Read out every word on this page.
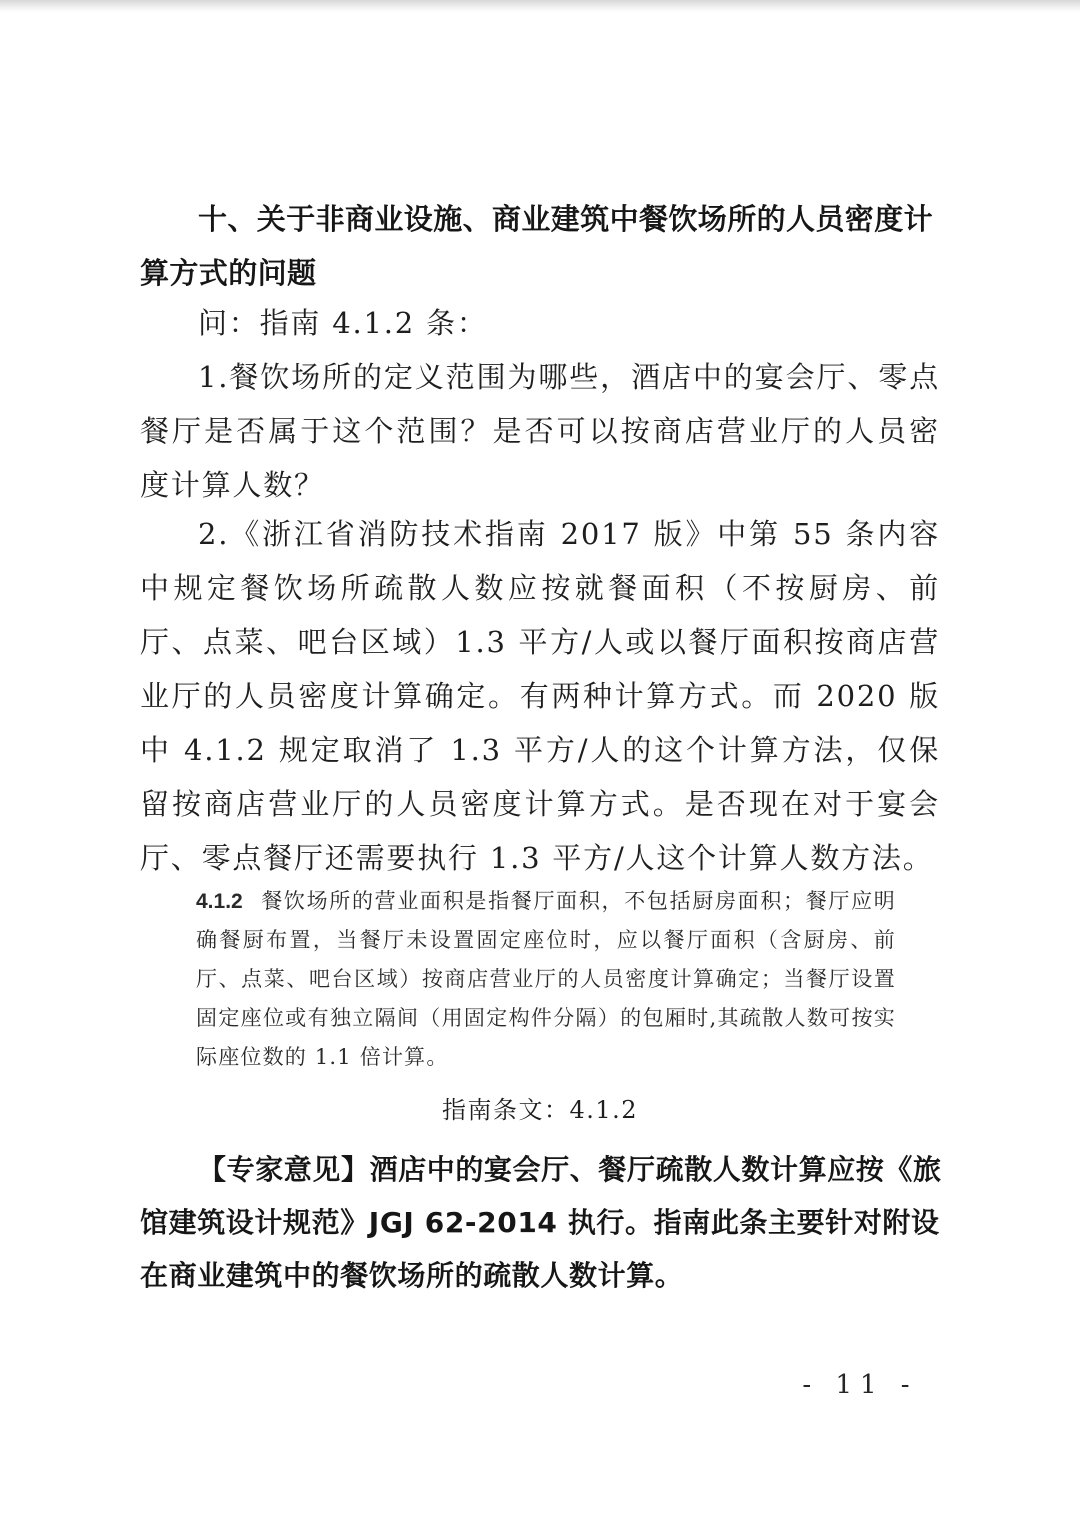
十、关于非商业设施、商业建筑中餐饮场所的人员密度计算方式的问题
问：指南 4.1.2 条：
1.餐饮场所的定义范围为哪些，酒店中的宴会厅、零点餐厅是否属于这个范围？是否可以按商店营业厅的人员密度计算人数？
2.《浙江省消防技术指南 2017 版》中第 55 条内容中规定餐饮场所疏散人数应按就餐面积（不按厨房、前厅、点菜、吧台区域）1.3 平方/人或以餐厅面积按商店营业厅的人员密度计算确定。有两种计算方式。而 2020 版中 4.1.2 规定取消了 1.3 平方/人的这个计算方法，仅保留按商店营业厅的人员密度计算方式。是否现在对于宴会厅、零点餐厅还需要执行 1.3 平方/人这个计算人数方法。
4.1.2 餐饮场所的营业面积是指餐厅面积，不包括厨房面积；餐厅应明确餐厨布置，当餐厅未设置固定座位时，应以餐厅面积（含厨房、前厅、点菜、吧台区域）按商店营业厅的人员密度计算确定；当餐厅设置固定座位或有独立隔间（用固定构件分隔）的包厢时,其疏散人数可按实际座位数的 1.1 倍计算。
指南条文：4.1.2
【专家意见】酒店中的宴会厅、餐厅疏散人数计算应按《旅馆建筑设计规范》JGJ 62-2014 执行。指南此条主要针对附设在商业建筑中的餐饮场所的疏散人数计算。
- 11 -
